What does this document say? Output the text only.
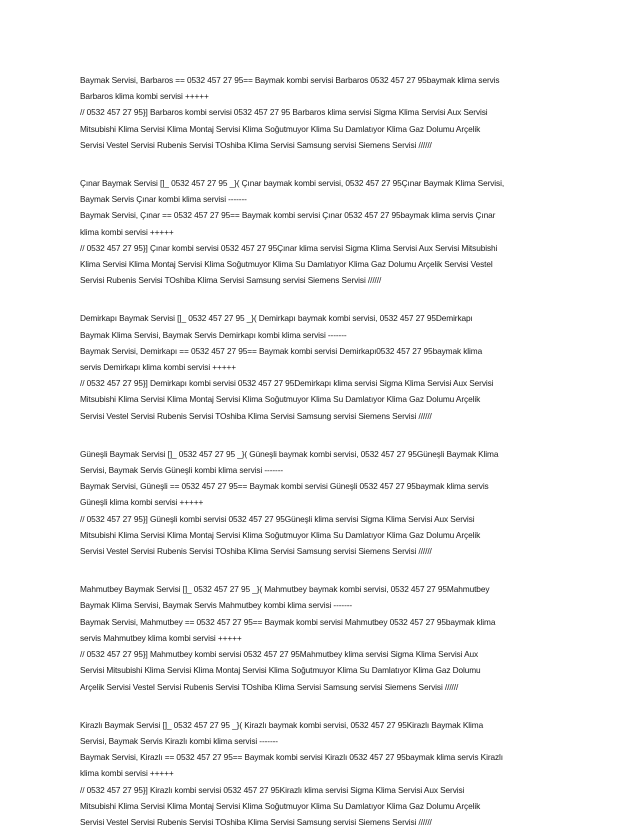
Baymak Servisi, Barbaros == 0532 457 27 95== Baymak kombi servisi Barbaros 0532 457 27 95baymak klima servis
Barbaros klima kombi servisi +++++
// 0532 457 27 95}] Barbaros kombi servisi 0532 457 27 95 Barbaros klima servisi Sigma Klima Servisi Aux Servisi
Mitsubishi Klima Servisi Klima Montaj Servisi Klima Soğutmuyor Klima Su Damlatıyor Klima Gaz Dolumu Arçelik
Servisi Vestel Servisi Rubenis Servisi TOshiba Klima Servisi Samsung servisi Siemens Servisi //////
Çınar Baymak Servisi []_ 0532 457 27 95 _}( Çınar baymak kombi servisi, 0532 457 27 95Çınar Baymak Klima Servisi,
Baymak Servis Çınar kombi klima servisi -------
Baymak Servisi, Çınar == 0532 457 27 95== Baymak kombi servisi Çınar 0532 457 27 95baymak klima servis Çınar
klima kombi servisi +++++
// 0532 457 27 95}] Çınar kombi servisi 0532 457 27 95Çınar klima servisi Sigma Klima Servisi Aux Servisi Mitsubishi
Klima Servisi Klima Montaj Servisi Klima Soğutmuyor Klima Su Damlatıyor Klima Gaz Dolumu Arçelik Servisi Vestel
Servisi Rubenis Servisi TOshiba Klima Servisi Samsung servisi Siemens Servisi //////
Demirkapı Baymak Servisi []_ 0532 457 27 95 _}( Demirkapı baymak kombi servisi, 0532 457 27 95Demirkapı
Baymak Klima Servisi, Baymak Servis Demirkapı kombi klima servisi -------
Baymak Servisi, Demirkapı == 0532 457 27 95== Baymak kombi servisi Demirkapı0532 457 27 95baymak klima
servis Demirkapı klima kombi servisi +++++
// 0532 457 27 95}] Demirkapı kombi servisi 0532 457 27 95Demirkapı klima servisi Sigma Klima Servisi Aux Servisi
Mitsubishi Klima Servisi Klima Montaj Servisi Klima Soğutmuyor Klima Su Damlatıyor Klima Gaz Dolumu Arçelik
Servisi Vestel Servisi Rubenis Servisi TOshiba Klima Servisi Samsung servisi Siemens Servisi //////
Güneşli Baymak Servisi []_ 0532 457 27 95 _}( Güneşli baymak kombi servisi, 0532 457 27 95Güneşli Baymak Klima
Servisi, Baymak Servis Güneşli kombi klima servisi -------
Baymak Servisi, Güneşli == 0532 457 27 95== Baymak kombi servisi Güneşli 0532 457 27 95baymak klima servis
Güneşli klima kombi servisi +++++
// 0532 457 27 95}] Güneşli kombi servisi 0532 457 27 95Güneşli klima servisi Sigma Klima Servisi Aux Servisi
Mitsubishi Klima Servisi Klima Montaj Servisi Klima Soğutmuyor Klima Su Damlatıyor Klima Gaz Dolumu Arçelik
Servisi Vestel Servisi Rubenis Servisi TOshiba Klima Servisi Samsung servisi Siemens Servisi //////
Mahmutbey Baymak Servisi []_ 0532 457 27 95 _}( Mahmutbey baymak kombi servisi, 0532 457 27 95Mahmutbey
Baymak Klima Servisi, Baymak Servis Mahmutbey kombi klima servisi -------
Baymak Servisi, Mahmutbey == 0532 457 27 95== Baymak kombi servisi Mahmutbey 0532 457 27 95baymak klima
servis Mahmutbey klima kombi servisi +++++
// 0532 457 27 95}] Mahmutbey kombi servisi 0532 457 27 95Mahmutbey klima servisi Sigma Klima Servisi Aux
Servisi Mitsubishi Klima Servisi Klima Montaj Servisi Klima Soğutmuyor Klima Su Damlatıyor Klima Gaz Dolumu
Arçelik Servisi Vestel Servisi Rubenis Servisi TOshiba Klima Servisi Samsung servisi Siemens Servisi //////
Kirazlı Baymak Servisi []_ 0532 457 27 95 _}( Kirazlı baymak kombi servisi, 0532 457 27 95Kirazlı Baymak Klima
Servisi, Baymak Servis Kirazlı kombi klima servisi -------
Baymak Servisi, Kirazlı == 0532 457 27 95== Baymak kombi servisi Kirazlı 0532 457 27 95baymak klima servis Kirazlı
klima kombi servisi +++++
// 0532 457 27 95}] Kirazlı kombi servisi 0532 457 27 95Kirazlı klima servisi Sigma Klima Servisi Aux Servisi
Mitsubishi Klima Servisi Klima Montaj Servisi Klima Soğutmuyor Klima Su Damlatıyor Klima Gaz Dolumu Arçelik
Servisi Vestel Servisi Rubenis Servisi TOshiba Klima Servisi Samsung servisi Siemens Servisi //////
